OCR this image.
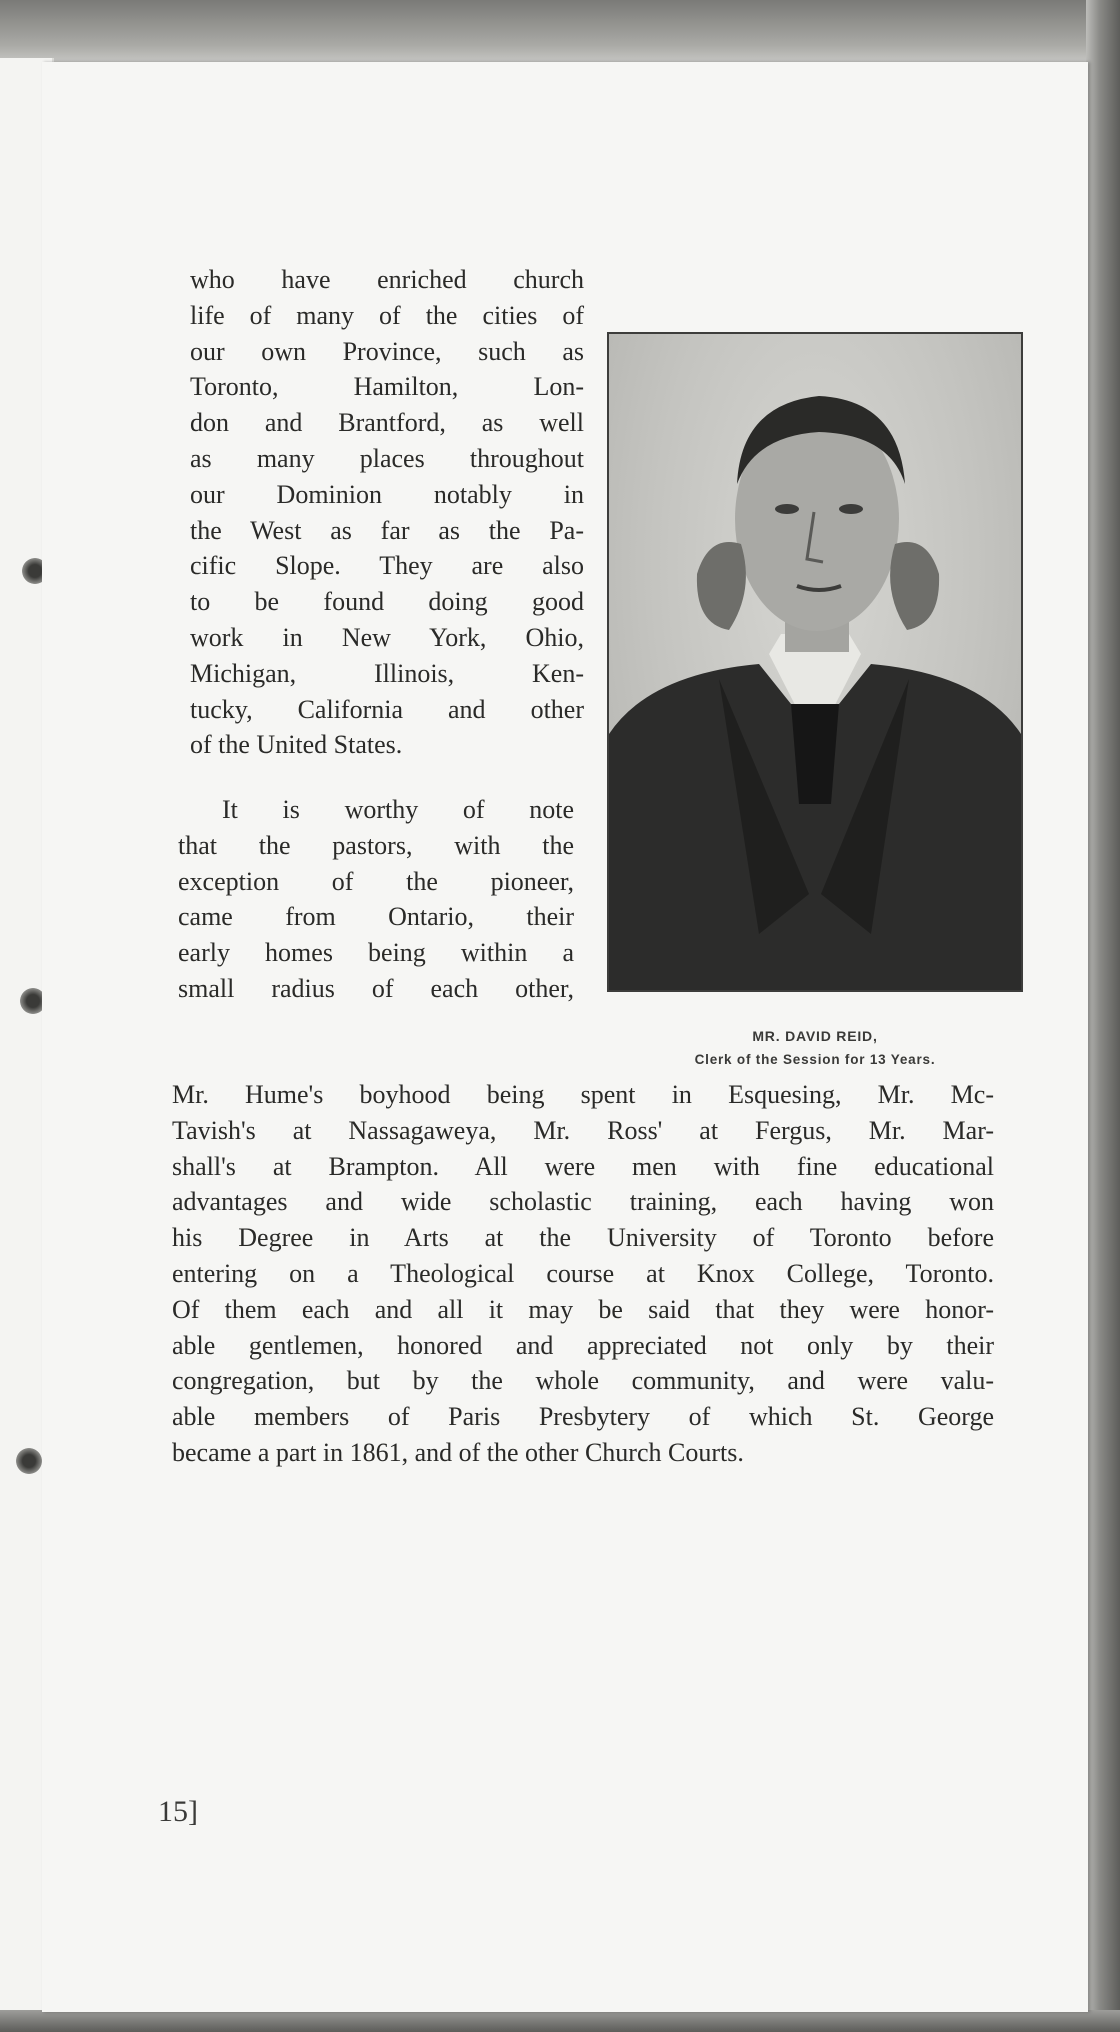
who have enriched church
life of many of the cities of
our own Province, such as
Toronto, Hamilton, Lon-
don and Brantford, as well
as many places throughout
our Dominion notably in
the West as far as the Pa-
cific Slope. They are also
to be found doing good
work in New York, Ohio,
Michigan, Illinois, Ken-
tucky, California and other
of the United States.
It is worthy of note
that the pastors, with the
exception of the pioneer,
came from Ontario, their
early homes being within a
small radius of each other,
MR. DAVID REID,
Clerk of the Session for 13 Years.
Mr. Hume's boyhood being spent in Esquesing, Mr. Mc-
Tavish's at Nassagaweya, Mr. Ross' at Fergus, Mr. Mar-
shall's at Brampton. All were men with fine educational
advantages and wide scholastic training, each having won
his Degree in Arts at the University of Toronto before
entering on a Theological course at Knox College, Toronto.
Of them each and all it may be said that they were honor-
able gentlemen, honored and appreciated not only by their
congregation, but by the whole community, and were valu-
able members of Paris Presbytery of which St. George
became a part in 1861, and of the other Church Courts.
15]
